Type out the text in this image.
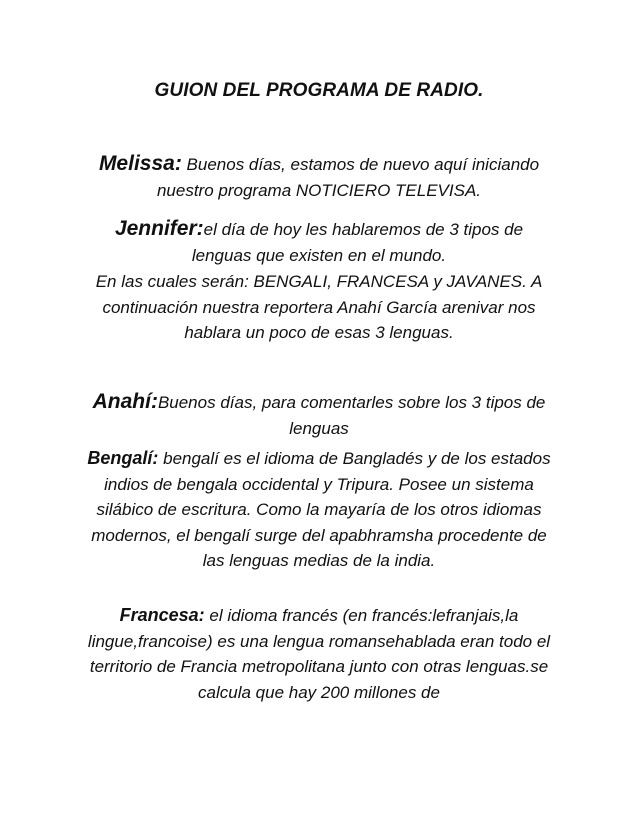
GUION DEL PROGRAMA DE RADIO.
Melissa: Buenos días, estamos de nuevo aquí iniciando nuestro programa NOTICIERO TELEVISA.
Jennifer:el día de hoy les hablaremos de 3 tipos de lenguas que existen en el mundo.
En las cuales serán: BENGALI, FRANCESA y JAVANES. A continuación nuestra reportera Anahí García arenivar nos hablara un poco de esas 3 lenguas.
Anahí:Buenos días, para comentarles sobre los 3 tipos de lenguas
Bengalí: bengalí es el idioma de Bangladés y de los estados indios de bengala occidental y Tripura. Posee un sistema silábico de escritura. Como la mayaría de los otros idiomas modernos, el bengalí surge del apabhramsha procedente de las lenguas medias de la india.
Francesa: el idioma francés (en francés:lefranjais,la lingue,francoise) es una lengua romansehablada eran todo el territorio de Francia metropolitana junto con otras lenguas.se calcula que hay 200 millones de
